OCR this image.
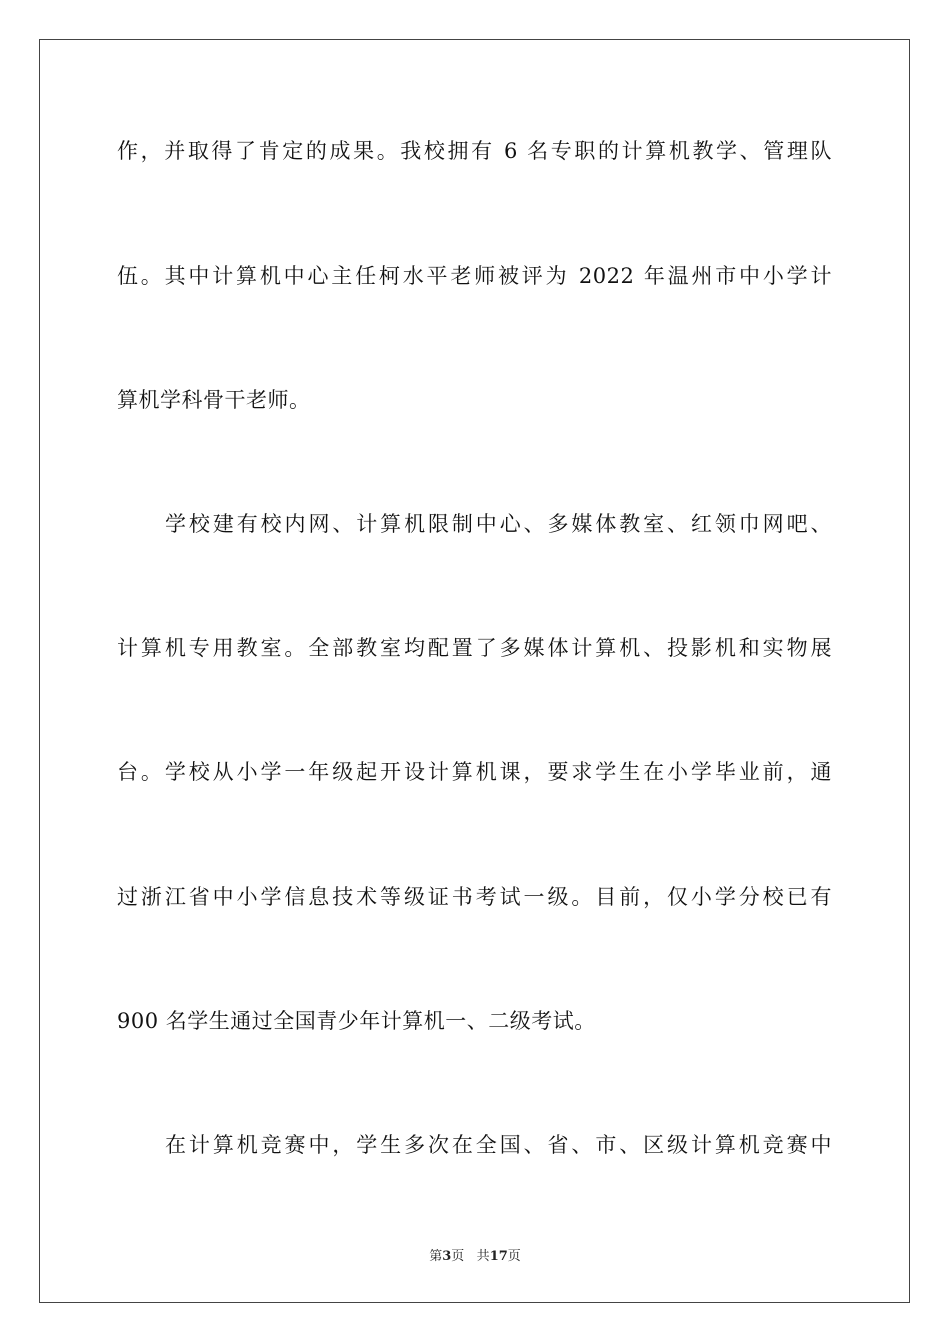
作，并取得了肯定的成果。我校拥有 6 名专职的计算机教学、管理队
伍。其中计算机中心主任柯水平老师被评为 2022 年温州市中小学计
算机学科骨干老师。
学校建有校内网、计算机限制中心、多媒体教室、红领巾网吧、
计算机专用教室。全部教室均配置了多媒体计算机、投影机和实物展
台。学校从小学一年级起开设计算机课，要求学生在小学毕业前，通
过浙江省中小学信息技术等级证书考试一级。目前，仅小学分校已有
900 名学生通过全国青少年计算机一、二级考试。
在计算机竞赛中，学生多次在全国、省、市、区级计算机竞赛中
第3页 共17页
